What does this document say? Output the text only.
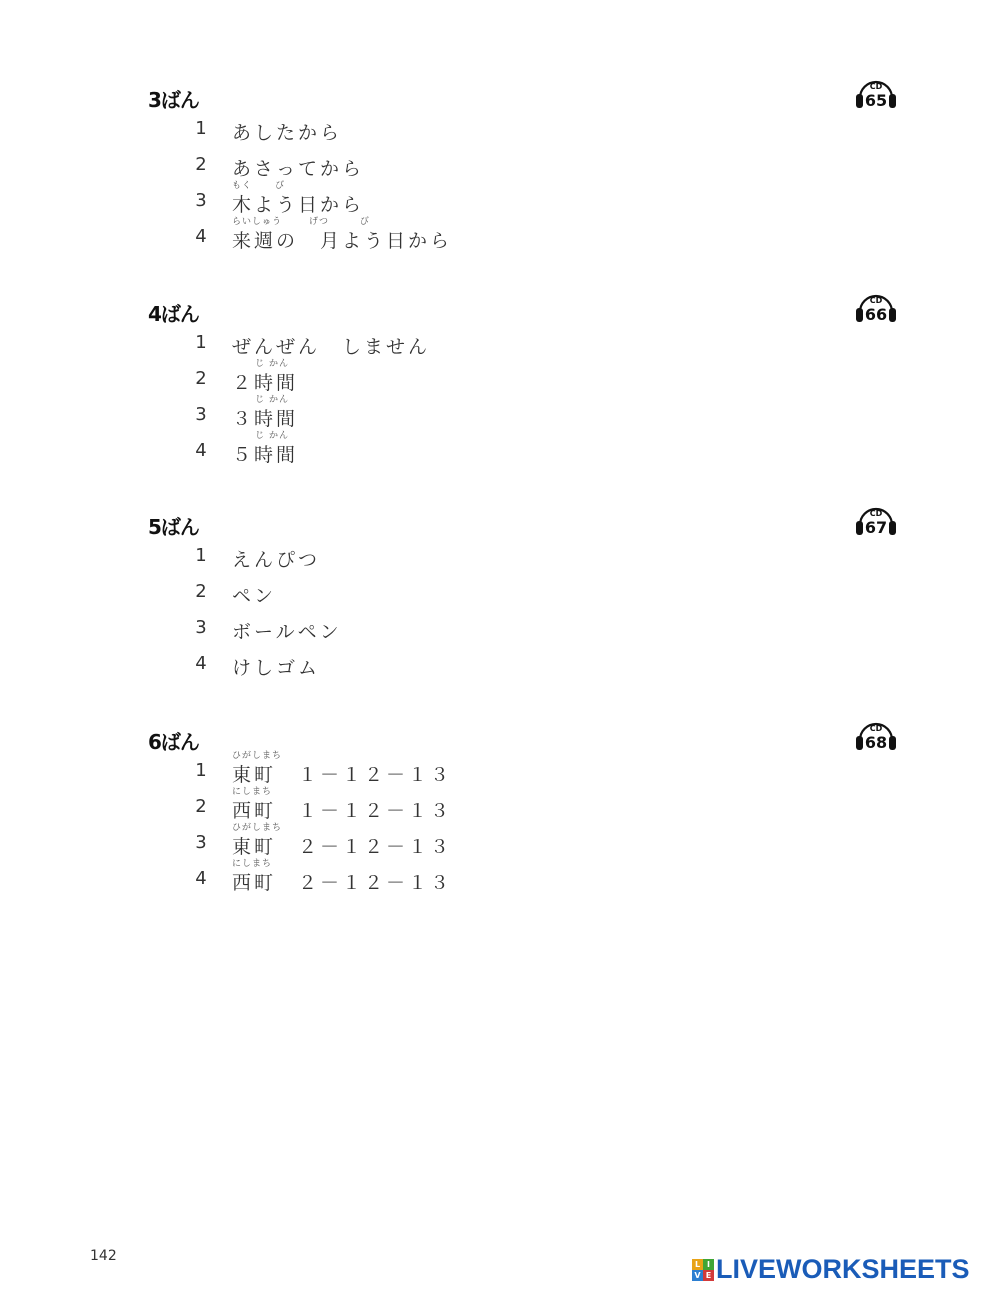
3ばん
CD
65
1 あしたから
2 あさってから
もく      び
3 木よう日から
らいしゅう       げつ        び
4 来週の　月よう日から
4ばん
CD
66
1 ぜんぜん　しません
じ かん
2 ２時間
じ かん
3 ３時間
じ かん
4 ５時間
5ばん
CD
67
1 えんぴつ
2 ペン
3 ボールペン
4 けしゴム
6ばん
CD
68
ひがしまち
1 東町　１－１２－１３
にしまち
2 西町　１－１２－１３
ひがしまち
3 東町　２－１２－１３
にしまち
4 西町　２－１２－１３
142	L I
V E LIVEWORKSHEETS
